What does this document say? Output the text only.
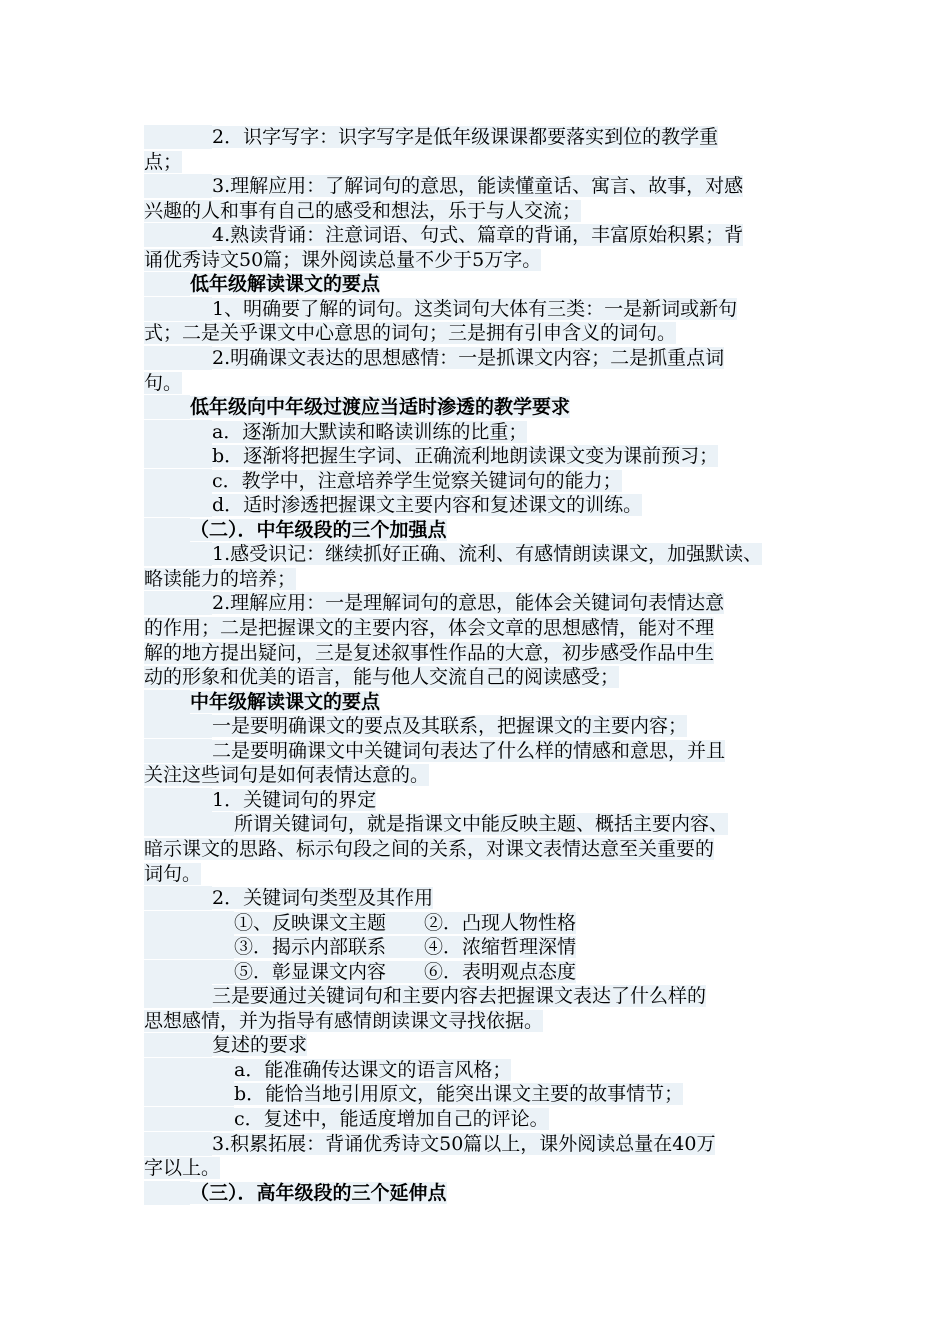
2．识字写字：识字写字是低年级课课都要落实到位的教学重
点；
3.理解应用：了解词句的意思，能读懂童话、寓言、故事，对感
兴趣的人和事有自己的感受和想法，乐于与人交流；
4.熟读背诵：注意词语、句式、篇章的背诵，丰富原始积累；背
诵优秀诗文50篇；课外阅读总量不少于5万字。
低年级解读课文的要点
1、明确要了解的词句。这类词句大体有三类：一是新词或新句
式；二是关乎课文中心意思的词句；三是拥有引申含义的词句。
2.明确课文表达的思想感情：一是抓课文内容；二是抓重点词
句。
低年级向中年级过渡应当适时渗透的教学要求
a．逐渐加大默读和略读训练的比重；
b．逐渐将把握生字词、正确流利地朗读课文变为课前预习；
c．教学中，注意培养学生觉察关键词句的能力；
d．适时渗透把握课文主要内容和复述课文的训练。
（二）．中年级段的三个加强点
1.感受识记：继续抓好正确、流利、有感情朗读课文，加强默读、
略读能力的培养；
2.理解应用：一是理解词句的意思，能体会关键词句表情达意
的作用；二是把握课文的主要内容，体会文章的思想感情，能对不理
解的地方提出疑问，三是复述叙事性作品的大意，初步感受作品中生
动的形象和优美的语言，能与他人交流自己的阅读感受；
中年级解读课文的要点
一是要明确课文的要点及其联系，把握课文的主要内容；
二是要明确课文中关键词句表达了什么样的情感和意思，并且
关注这些词句是如何表情达意的。
1．关键词句的界定
所谓关键词句，就是指课文中能反映主题、概括主要内容、
暗示课文的思路、标示句段之间的关系，对课文表情达意至关重要的
词句。
2．关键词句类型及其作用
①、反映课文主题　　②．凸现人物性格
③．揭示内部联系　　④．浓缩哲理深情
⑤．彰显课文内容　　⑥．表明观点态度
三是要通过关键词句和主要内容去把握课文表达了什么样的
思想感情，并为指导有感情朗读课文寻找依据。
复述的要求
a．能准确传达课文的语言风格；
b．能恰当地引用原文，能突出课文主要的故事情节；
c．复述中，能适度增加自己的评论。
3.积累拓展：背诵优秀诗文50篇以上，课外阅读总量在40万
字以上。
（三）．高年级段的三个延伸点
